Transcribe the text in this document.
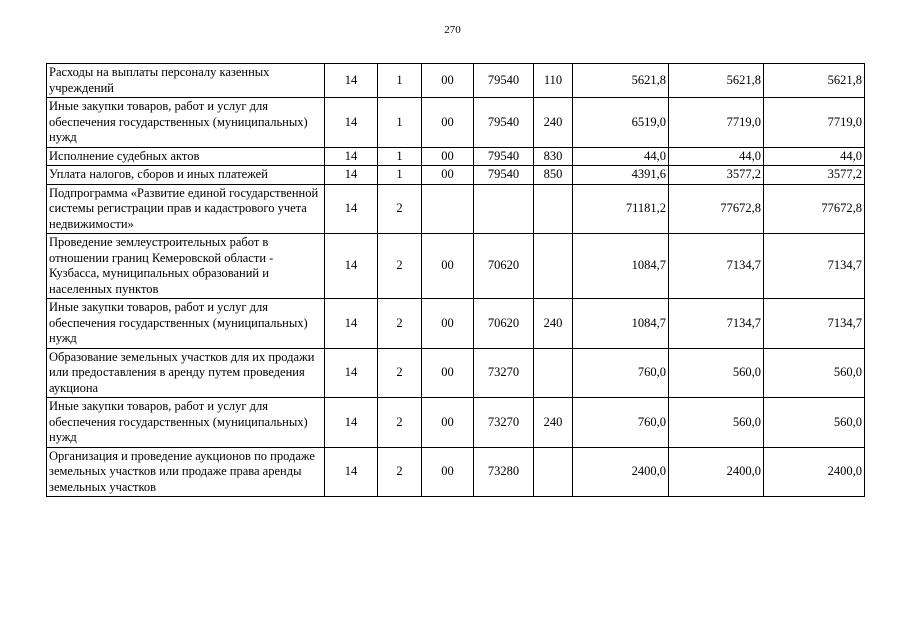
270
Расходы на выплаты персоналу казенных учреждений	14	1	00	79540	110	5621,8	5621,8	5621,8
Иные закупки товаров, работ и услуг для обеспечения государственных (муниципальных) нужд	14	1	00	79540	240	6519,0	7719,0	7719,0
Исполнение судебных актов	14	1	00	79540	830	44,0	44,0	44,0
Уплата налогов, сборов и иных платежей	14	1	00	79540	850	4391,6	3577,2	3577,2
Подпрограмма «Развитие единой государственной системы регистрации прав и кадастрового учета недвижимости»	14	2				71181,2	77672,8	77672,8
Проведение землеустроительных работ в отношении границ Кемеровской области - Кузбасса, муниципальных образований и населенных пунктов	14	2	00	70620		1084,7	7134,7	7134,7
Иные закупки товаров, работ и услуг для обеспечения государственных (муниципальных) нужд	14	2	00	70620	240	1084,7	7134,7	7134,7
Образование земельных участков для их продажи или предоставления в аренду путем проведения аукциона	14	2	00	73270		760,0	560,0	560,0
Иные закупки товаров, работ и услуг для обеспечения государственных (муниципальных) нужд	14	2	00	73270	240	760,0	560,0	560,0
Организация и проведение аукционов по продаже земельных участков или продаже права аренды земельных участков	14	2	00	73280		2400,0	2400,0	2400,0
